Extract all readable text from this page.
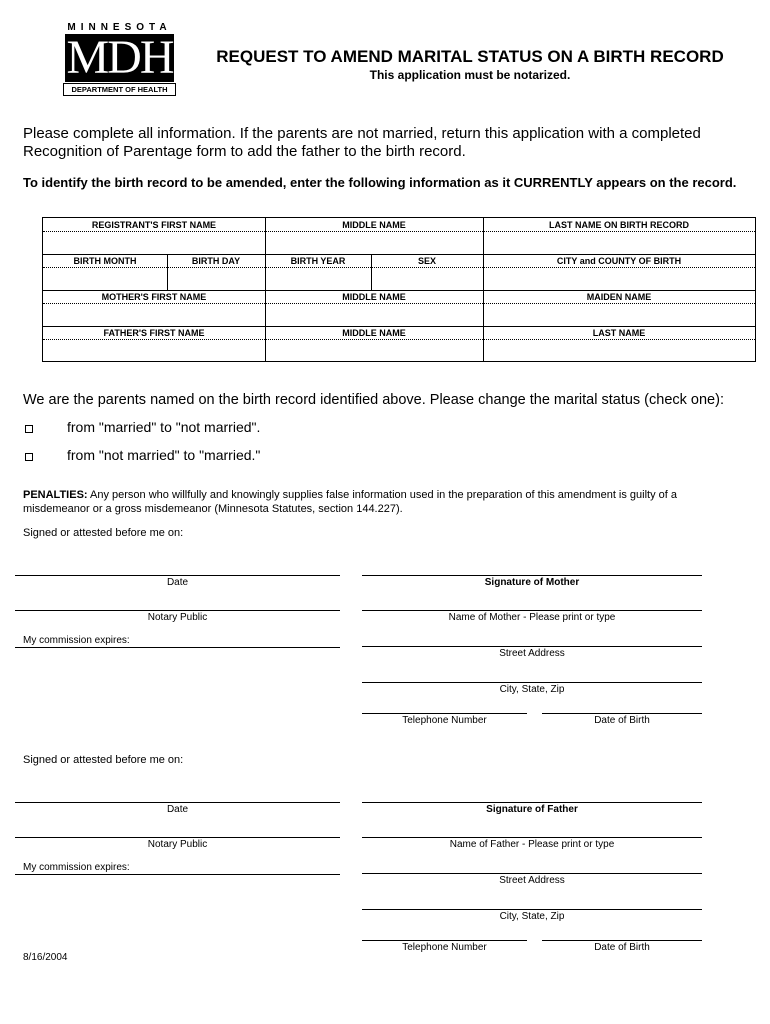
MINNESOTA
MDH
DEPARTMENT OF HEALTH
REQUEST TO AMEND MARITAL STATUS ON A BIRTH RECORD
This application must be notarized.
Please complete all information. If the parents are not married, return this application with a completed Recognition of Parentage form to add the father to the birth record.
To identify the birth record to be amended, enter the following information as it CURRENTLY appears on the record.
REGISTRANT'S FIRST NAME	MIDDLE NAME	LAST NAME ON BIRTH RECORD
BIRTH MONTH	BIRTH DAY	BIRTH YEAR	SEX	CITY and COUNTY OF BIRTH
MOTHER'S FIRST NAME	MIDDLE NAME	MAIDEN NAME
FATHER'S FIRST NAME	MIDDLE NAME	LAST NAME
We are the parents named on the birth record identified above. Please change the marital status (check one):
from "married" to "not married".
from "not married" to "married."
PENALTIES: Any person who willfully and knowingly supplies false information used in the preparation of this amendment is guilty of a misdemeanor or a gross misdemeanor (Minnesota Statutes, section 144.227).
Signed or attested before me on:
Date
Notary Public
My commission expires:
Signature of Mother
Name of Mother - Please print or type
Street Address
City, State, Zip
Telephone Number	Date of Birth
Signed or attested before me on:
Date
Notary Public
My commission expires:
Signature of Father
Name of Father - Please print or type
Street Address
City, State, Zip
Telephone Number	Date of Birth
8/16/2004
